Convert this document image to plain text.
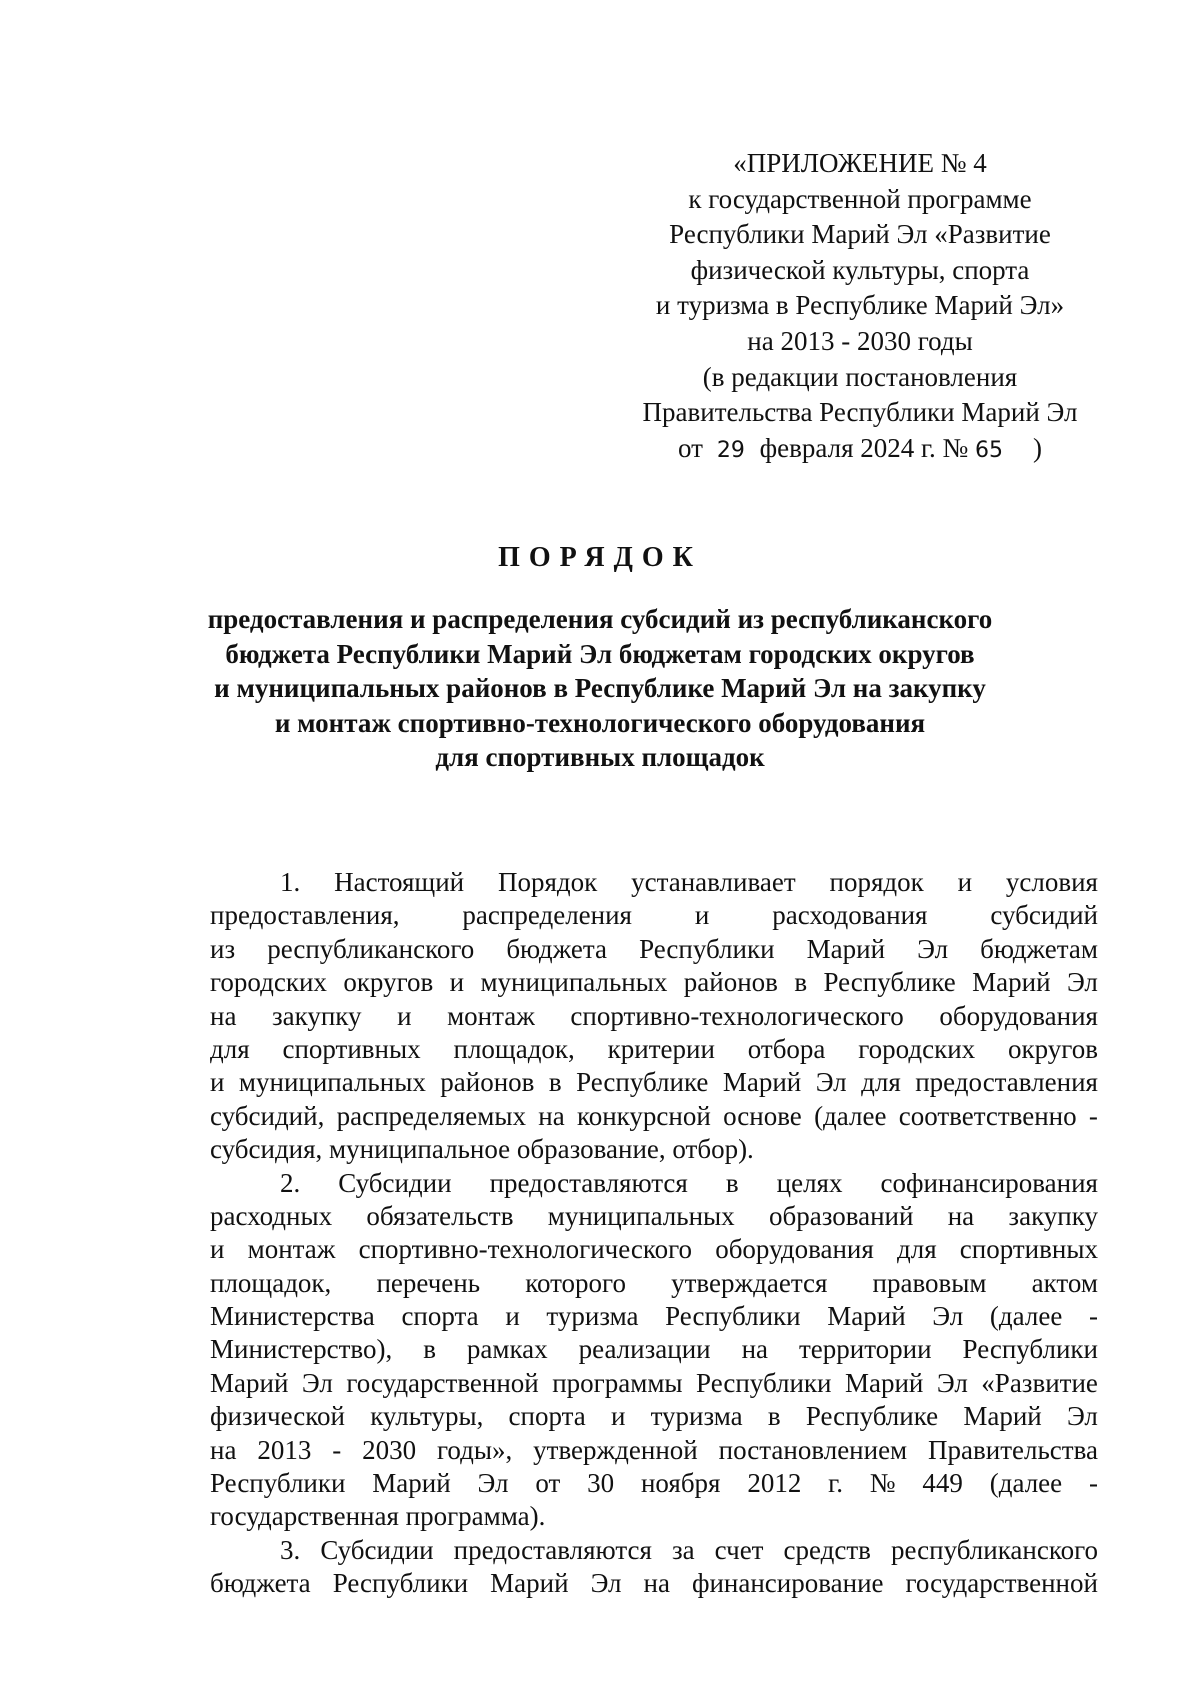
«ПРИЛОЖЕНИЕ № 4
к государственной программе
Республики Марий Эл «Развитие
физической культуры, спорта
и туризма в Республике Марий Эл»
на 2013 - 2030 годы
(в редакции постановления
Правительства Республики Марий Эл
от 29 февраля 2024 г. № 65 )
ПОРЯДОК
предоставления и распределения субсидий из республиканского
бюджета Республики Марий Эл бюджетам городских округов
и муниципальных районов в Республике Марий Эл на закупку
и монтаж спортивно-технологического оборудования
для спортивных площадок
1. Настоящий Порядок устанавливает порядок и условия
предоставления, распределения и расходования субсидий
из республиканского бюджета Республики Марий Эл бюджетам
городских округов и муниципальных районов в Республике Марий Эл
на закупку и монтаж спортивно-технологического оборудования
для спортивных площадок, критерии отбора городских округов
и муниципальных районов в Республике Марий Эл для предоставления
субсидий, распределяемых на конкурсной основе (далее соответственно -
субсидия, муниципальное образование, отбор).
2. Субсидии предоставляются в целях софинансирования
расходных обязательств муниципальных образований на закупку
и монтаж спортивно-технологического оборудования для спортивных
площадок, перечень которого утверждается правовым актом
Министерства спорта и туризма Республики Марий Эл (далее -
Министерство), в рамках реализации на территории Республики
Марий Эл государственной программы Республики Марий Эл «Развитие
физической культуры, спорта и туризма в Республике Марий Эл
на 2013 - 2030 годы», утвержденной постановлением Правительства
Республики Марий Эл от 30 ноября 2012 г. № 449 (далее -
государственная программа).
3. Субсидии предоставляются за счет средств республиканского
бюджета Республики Марий Эл на финансирование государственной
